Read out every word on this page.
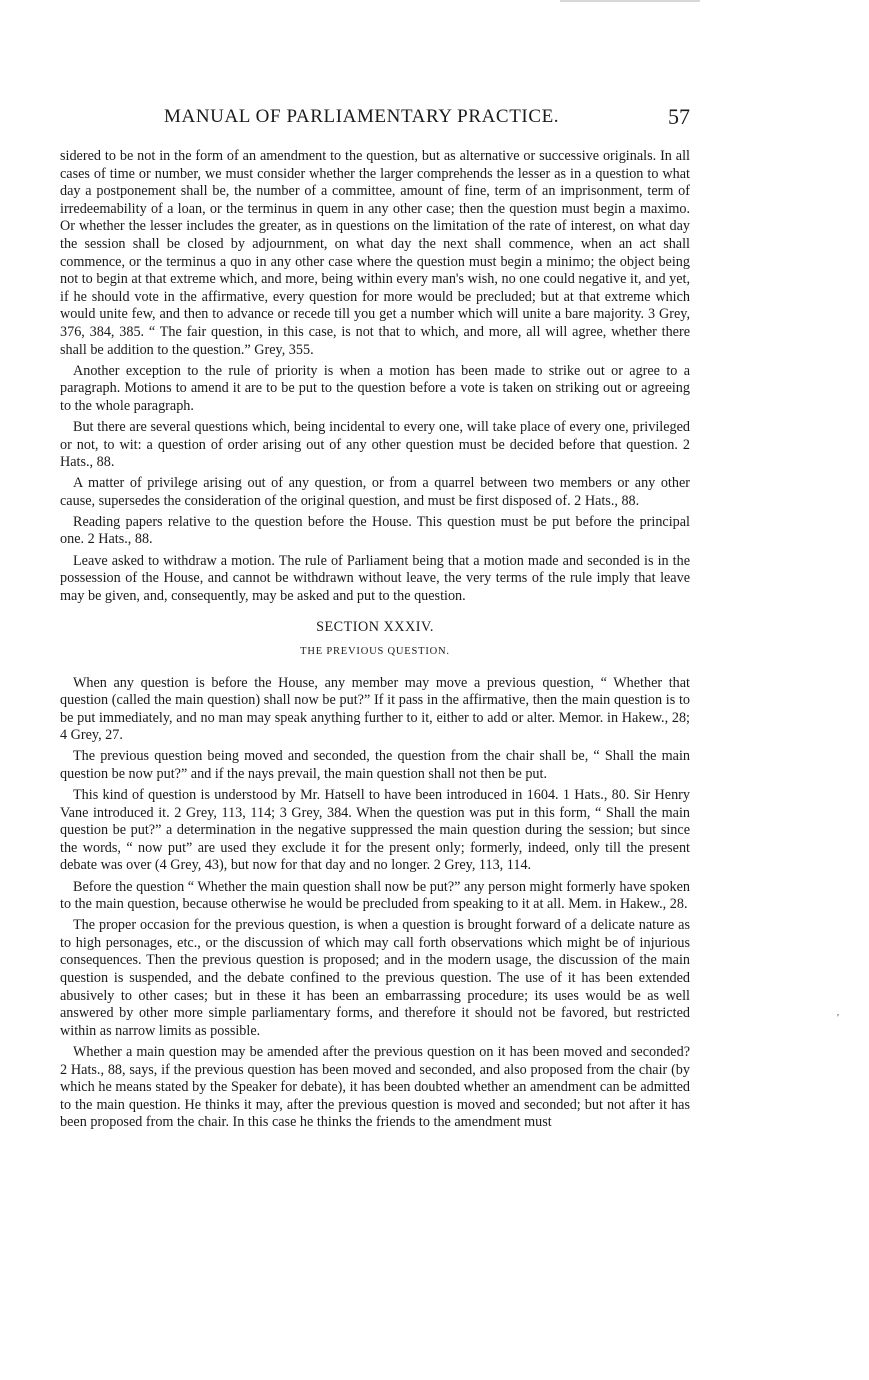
MANUAL OF PARLIAMENTARY PRACTICE.	57

sidered to be not in the form of an amendment to the question, but as alternative or successive originals. In all cases of time or number, we must consider whether the larger comprehends the lesser as in a question to what day a postponement shall be, the number of a committee, amount of fine, term of an imprisonment, term of irredeemability of a loan, or the terminus in quem in any other case; then the question must begin a maximo. Or whether the lesser includes the greater, as in questions on the limitation of the rate of interest, on what day the session shall be closed by adjournment, on what day the next shall commence, when an act shall commence, or the terminus a quo in any other case where the question must begin a minimo; the object being not to begin at that extreme which, and more, being within every man's wish, no one could negative it, and yet, if he should vote in the affirmative, every question for more would be precluded; but at that extreme which would unite few, and then to advance or recede till you get a number which will unite a bare majority. 3 Grey, 376, 384, 385. “ The fair question, in this case, is not that to which, and more, all will agree, whether there shall be addition to the question.” Grey, 355.

Another exception to the rule of priority is when a motion has been made to strike out or agree to a paragraph. Motions to amend it are to be put to the question before a vote is taken on striking out or agreeing to the whole paragraph.

But there are several questions which, being incidental to every one, will take place of every one, privileged or not, to wit: a question of order arising out of any other question must be decided before that question. 2 Hats., 88.

A matter of privilege arising out of any question, or from a quarrel between two members or any other cause, supersedes the consideration of the original question, and must be first disposed of. 2 Hats., 88.

Reading papers relative to the question before the House. This question must be put before the principal one. 2 Hats., 88.

Leave asked to withdraw a motion. The rule of Parliament being that a motion made and seconded is in the possession of the House, and cannot be withdrawn without leave, the very terms of the rule imply that leave may be given, and, consequently, may be asked and put to the question.

SECTION XXXIV.
THE PREVIOUS QUESTION.

When any question is before the House, any member may move a previous question, “ Whether that question (called the main question) shall now be put?” If it pass in the affirmative, then the main question is to be put immediately, and no man may speak anything further to it, either to add or alter. Memor. in Hakew., 28; 4 Grey, 27.

The previous question being moved and seconded, the question from the chair shall be, “ Shall the main question be now put?” and if the nays prevail, the main question shall not then be put.

This kind of question is understood by Mr. Hatsell to have been introduced in 1604. 1 Hats., 80. Sir Henry Vane introduced it. 2 Grey, 113, 114; 3 Grey, 384. When the question was put in this form, “ Shall the main question be put?” a determination in the negative suppressed the main question during the session; but since the words, “ now put” are used they exclude it for the present only; formerly, indeed, only till the present debate was over (4 Grey, 43), but now for that day and no longer. 2 Grey, 113, 114.

Before the question “ Whether the main question shall now be put?” any person might formerly have spoken to the main question, because otherwise he would be precluded from speaking to it at all. Mem. in Hakew., 28.

The proper occasion for the previous question, is when a question is brought forward of a delicate nature as to high personages, etc., or the discussion of which may call forth observations which might be of injurious consequences. Then the previous question is proposed; and in the modern usage, the discussion of the main question is suspended, and the debate confined to the previous question. The use of it has been extended abusively to other cases; but in these it has been an embarrassing procedure; its uses would be as well answered by other more simple parliamentary forms, and therefore it should not be favored, but restricted within as narrow limits as possible.

Whether a main question may be amended after the previous question on it has been moved and seconded? 2 Hats., 88, says, if the previous question has been moved and seconded, and also proposed from the chair (by which he means stated by the Speaker for debate), it has been doubted whether an amendment can be admitted to the main question. He thinks it may, after the previous question is moved and seconded; but not after it has been proposed from the chair. In this case he thinks the friends to the amendment must

′
